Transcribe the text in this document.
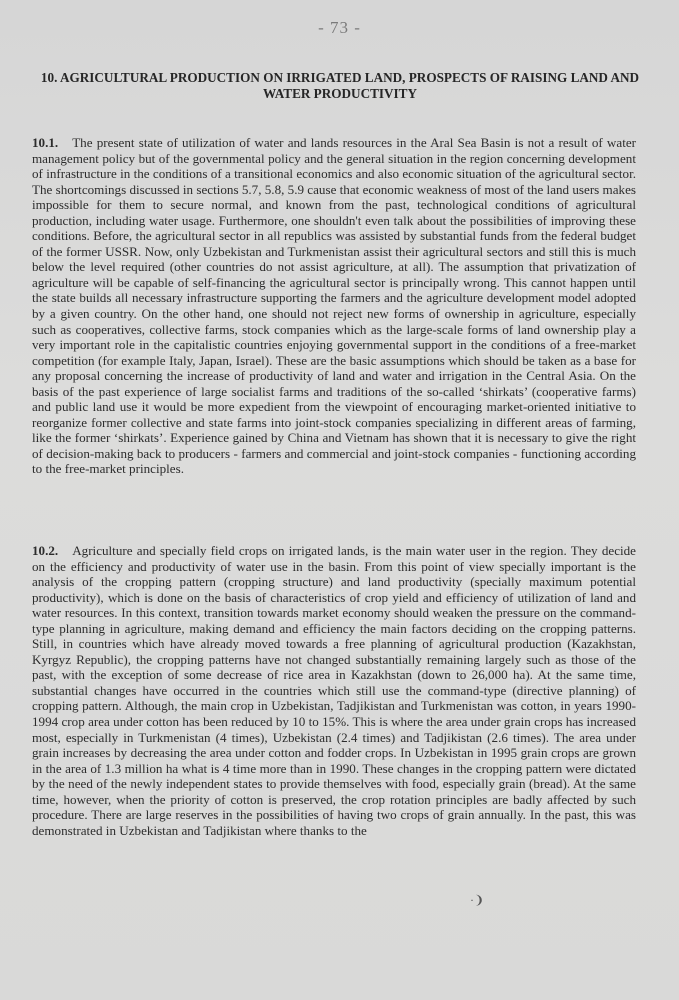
- 73 -
10. AGRICULTURAL PRODUCTION ON IRRIGATED LAND, PROSPECTS OF RAISING LAND AND WATER PRODUCTIVITY
10.1. The present state of utilization of water and lands resources in the Aral Sea Basin is not a result of water management policy but of the governmental policy and the general situation in the region concerning development of infrastructure in the conditions of a transitional economics and also economic situation of the agricultural sector. The shortcomings discussed in sections 5.7, 5.8, 5.9 cause that economic weakness of most of the land users makes impossible for them to secure normal, and known from the past, technological conditions of agricultural production, including water usage. Furthermore, one shouldn't even talk about the possibilities of improving these conditions. Before, the agricultural sector in all republics was assisted by substantial funds from the federal budget of the former USSR. Now, only Uzbekistan and Turkmenistan assist their agricultural sectors and still this is much below the level required (other countries do not assist agriculture, at all). The assumption that privatization of agriculture will be capable of self-financing the agricultural sector is principally wrong. This cannot happen until the state builds all necessary infrastructure supporting the farmers and the agriculture development model adopted by a given country. On the other hand, one should not reject new forms of ownership in agriculture, especially such as cooperatives, collective farms, stock companies which as the large-scale forms of land ownership play a very important role in the capitalistic countries enjoying governmental support in the conditions of a free-market competition (for example Italy, Japan, Israel). These are the basic assumptions which should be taken as a base for any proposal concerning the increase of productivity of land and water and irrigation in the Central Asia. On the basis of the past experience of large socialist farms and traditions of the so-called ‘shirkats’ (cooperative farms) and public land use it would be more expedient from the viewpoint of encouraging market-oriented initiative to reorganize former collective and state farms into joint-stock companies specializing in different areas of farming, like the former ‘shirkats’. Experience gained by China and Vietnam has shown that it is necessary to give the right of decision-making back to producers - farmers and commercial and joint-stock companies - functioning according to the free-market principles.
10.2. Agriculture and specially field crops on irrigated lands, is the main water user in the region. They decide on the efficiency and productivity of water use in the basin. From this point of view specially important is the analysis of the cropping pattern (cropping structure) and land productivity (specially maximum potential productivity), which is done on the basis of characteristics of crop yield and efficiency of utilization of land and water resources. In this context, transition towards market economy should weaken the pressure on the command-type planning in agriculture, making demand and efficiency the main factors deciding on the cropping patterns. Still, in countries which have already moved towards a free planning of agricultural production (Kazakhstan, Kyrgyz Republic), the cropping patterns have not changed substantially remaining largely such as those of the past, with the exception of some decrease of rice area in Kazakhstan (down to 26,000 ha). At the same time, substantial changes have occurred in the countries which still use the command-type (directive planning) of cropping pattern. Although, the main crop in Uzbekistan, Tadjikistan and Turkmenistan was cotton, in years 1990-1994 crop area under cotton has been reduced by 10 to 15%. This is where the area under grain crops has increased most, especially in Turkmenistan (4 times), Uzbekistan (2.4 times) and Tadjikistan (2.6 times). The area under grain increases by decreasing the area under cotton and fodder crops. In Uzbekistan in 1995 grain crops are grown in the area of 1.3 million ha what is 4 time more than in 1990. These changes in the cropping pattern were dictated by the need of the newly independent states to provide themselves with food, especially grain (bread). At the same time, however, when the priority of cotton is preserved, the crop rotation principles are badly affected by such procedure. There are large reserves in the possibilities of having two crops of grain annually. In the past, this was demonstrated in Uzbekistan and Tadjikistan where thanks to the
·❩
